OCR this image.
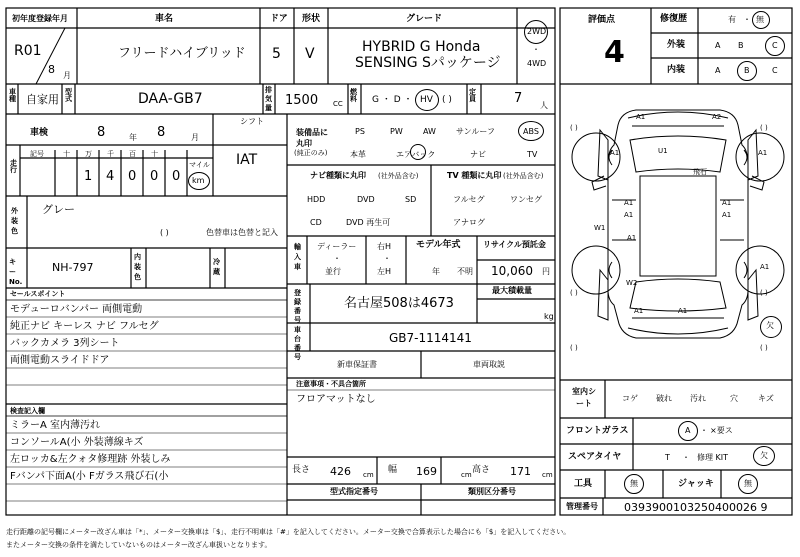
初年度登録年月
R01
8 月
車名
フリードハイブリッド
ドア
5
形状
V
グレード
HYBRID G Honda
SENSING Sパッケージ
2WD
・
4WD
車種 自家用
型式	DAA-GB7
排気量 1500 CC
燃料 G ・ D ・ HV ( )
定員	7 人
車検	8	年 8	月
シフト
IAT
走行
記号	十 万 千 百 十
マイル
1 4 0 0 0 km
外装色
グレー
( )	色替車は色替と記入
キーNo.
NH-797
内装色
冷蔵
セールスポイント
モデューロバンパー 両側電動
純正ナビ キーレス ナビ フルセグ
バックカメラ 3列シート
両側電動スライドドア
検査記入欄
ミラーA 室内薄汚れ
コンソールA(小 外装薄線キズ
左ロッカ&左クォタ修理跡 外装しみ
Fバンパ下面A(小 Fガラス飛び石(小
装備品に丸印
(純正のみ)
PS	PW	AW	サンルーフ	ABS
本革	エアバック	ナビ	TV
ナビ種類に丸印 (社外品含む)
HDD	DVD	SD
CD	DVD 再生可
TV 種類に丸印 (社外品含む)
フルセグ	ワンセグ
アナログ
輸入車
ディーラー
・
並行
右H
・
左H
モデル年式
年 不明
リサイクル預託金
10,060 円
登録番号
名古屋508は4673
最大積載量
kg
車台番号
GB7-1114141
新車保証書	車両取説
注意事項・不具合箇所
フロアマットなし
長さ 426 cm 幅 169	cm 高さ 171 cm
型式指定番号	類別区分番号
評価点
4
修復歴	有 ・ 無
外装	A B	C
内装	A	B	C
( )	( )
( )	( )
( )	( )
A1	A2
U1
A1	A1
A1	A1
A1	A1
A1
W1
W2
A1
A1	A1
飛石
欠
室内シート
コゲ 破れ 汚れ	穴	キズ
フロントガラス	A ・ ×要ス
スペアタイヤ	T ・ 修理 KIT	欠
工具	無	ジャッキ	無
管理番号 0393900103250400026 9
走行距離の記号欄にメーター改ざん車は「*」、メーター交換車は「$」、走行不明車は「#」を記入してください。メーター交換で合算表示した場合にも「$」を記入してください。
またメーター交換の条件を満たしていないものはメーター改ざん車扱いとなります。
